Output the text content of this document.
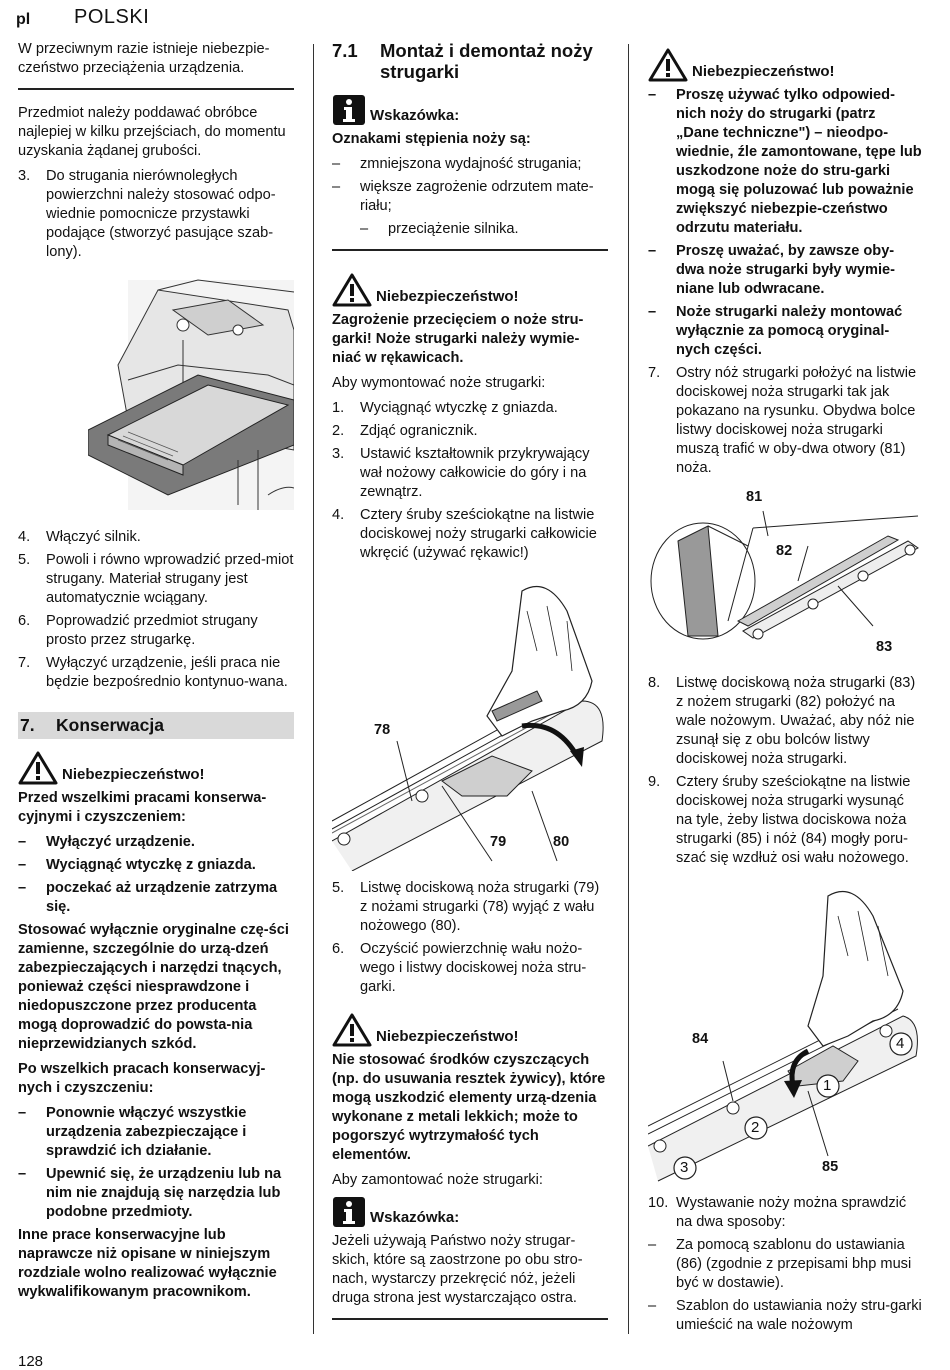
pl POLSKI

W przeciwnym razie istnieje niebezpie-czeństwo przeciążenia urządzenia.

Przedmiot należy poddawać obróbce najlepiej w kilku przejściach, do momentu uzyskania żądanej grubości.

3.	Do strugania nierównoległych powierzchni należy stosować odpo-wiednie pomocnicze przystawki podające (stworzyć pasujące szab-lony).
4.	Włączyć silnik.
5.	Powoli i równo wprowadzić przed-miot strugany. Materiał strugany jest automatycznie wciągany.
6.	Poprowadzić przedmiot strugany prosto przez strugarkę.
7.	Wyłączyć urządzenie, jeśli praca nie będzie bezpośrednio kontynuo-wana.
7.	Konserwacja
Niebezpieczeństwo!

Przed wszelkimi pracami konserwa-cyjnymi i czyszczeniem:

–	Wyłączyć urządzenie.
–	Wyciągnąć wtyczkę z gniazda.
–	poczekać aż urządzenie zatrzyma się.

Stosować wyłącznie oryginalne czę-ści zamienne, szczególnie do urzą-dzeń zabezpieczających i narzędzi tnących, ponieważ części niesprawdzone i niedopuszczone przez producenta mogą doprowadzić do powsta-nia nieprzewidzianych szkód.

Po wszelkich pracach konserwacyj-nych i czyszczeniu:

–	Ponownie włączyć wszystkie urządzenia zabezpieczające i sprawdzić ich działanie.
–	Upewnić się, że urządzeniu lub na nim nie znajdują się narzędzia lub podobne przedmioty.

Inne prace konserwacyjne lub naprawcze niż opisane w niniejszym rozdziale wolno realizować wyłącznie wykwalifikowanym pracownikom.

7.1	Montaż i demontaż noży strugarki
Wskazówka:

Oznakami stępienia noży są:

–	zmniejszona wydajność strugania;
–	większe zagrożenie odrzutem mate-riału;
–	przeciążenie silnika.
Niebezpieczeństwo!

Zagrożenie przecięciem o noże stru-garki! Noże strugarki należy wymie-niać w rękawicach.

Aby wymontować noże strugarki:

1.	Wyciągnąć wtyczkę z gniazda.
2.	Zdjąć ogranicznik.
3.	Ustawić kształtownik przykrywający wał nożowy całkowicie do góry i na zewnątrz.
4.	Cztery śruby sześciokątne na listwie dociskowej noży strugarki całkowicie wkręcić (używać rękawic!)
78
79	80
5.	Listwę dociskową noża strugarki (79) z nożami strugarki (78) wyjąć z wału nożowego (80).
6.	Oczyścić powierzchnię wału nożo-wego i listwy dociskowej noża stru-garki.
Niebezpieczeństwo!

Nie stosować środków czyszczących (np. do usuwania resztek żywicy), które mogą uszkodzić elementy urzą-dzenia wykonane z metali lekkich; może to pogorszyć wytrzymałość tych elementów.

Aby zamontować noże strugarki:

Wskazówka:

Jeżeli używają Państwo noży strugar-skich, które są zaostrzone po obu stro-nach, wystarczy przekręcić nóż, jeżeli druga strona jest wystarczająco ostra.

Niebezpieczeństwo!
–	Proszę używać tylko odpowied-nich noży do strugarki (patrz „Dane techniczne") – nieodpo-wiednie, źle zamontowane, tępe lub uszkodzone noże do stru-garki mogą się poluzować lub poważnie zwiększyć niebezpie-czeństwo odrzutu materiału.
–	Proszę uważać, by zawsze oby-dwa noże strugarki były wymie-niane lub odwracane.
–	Noże strugarki należy montować wyłącznie za pomocą oryginal-nych części.
7.	Ostry nóż strugarki położyć na listwie dociskowej noża strugarki tak jak pokazano na rysunku. Obydwa bolce listwy dociskowej noża strugarki muszą trafić w oby-dwa otwory (81) noża.
81
82
83
8.	Listwę dociskową noża strugarki (83) z nożem strugarki (82) położyć na wale nożowym. Uważać, aby nóż nie zsunął się z obu bolców listwy dociskowej noża strugarki.
9.	Cztery śruby sześciokątne na listwie dociskowej noża strugarki wysunąć na tyle, żeby listwa dociskowa noża strugarki (85) i nóż (84) mogły poru-szać się wzdłuż osi wału nożowego.
84
85
1
2
3
4
10. Wystawanie noży można sprawdzić na dwa sposoby:
–	Za pomocą szablonu do ustawiania (86) (zgodnie z przepisami bhp musi być w dostawie).
–	Szablon do ustawiania noży stru-garki umieścić na wale nożowym
128
